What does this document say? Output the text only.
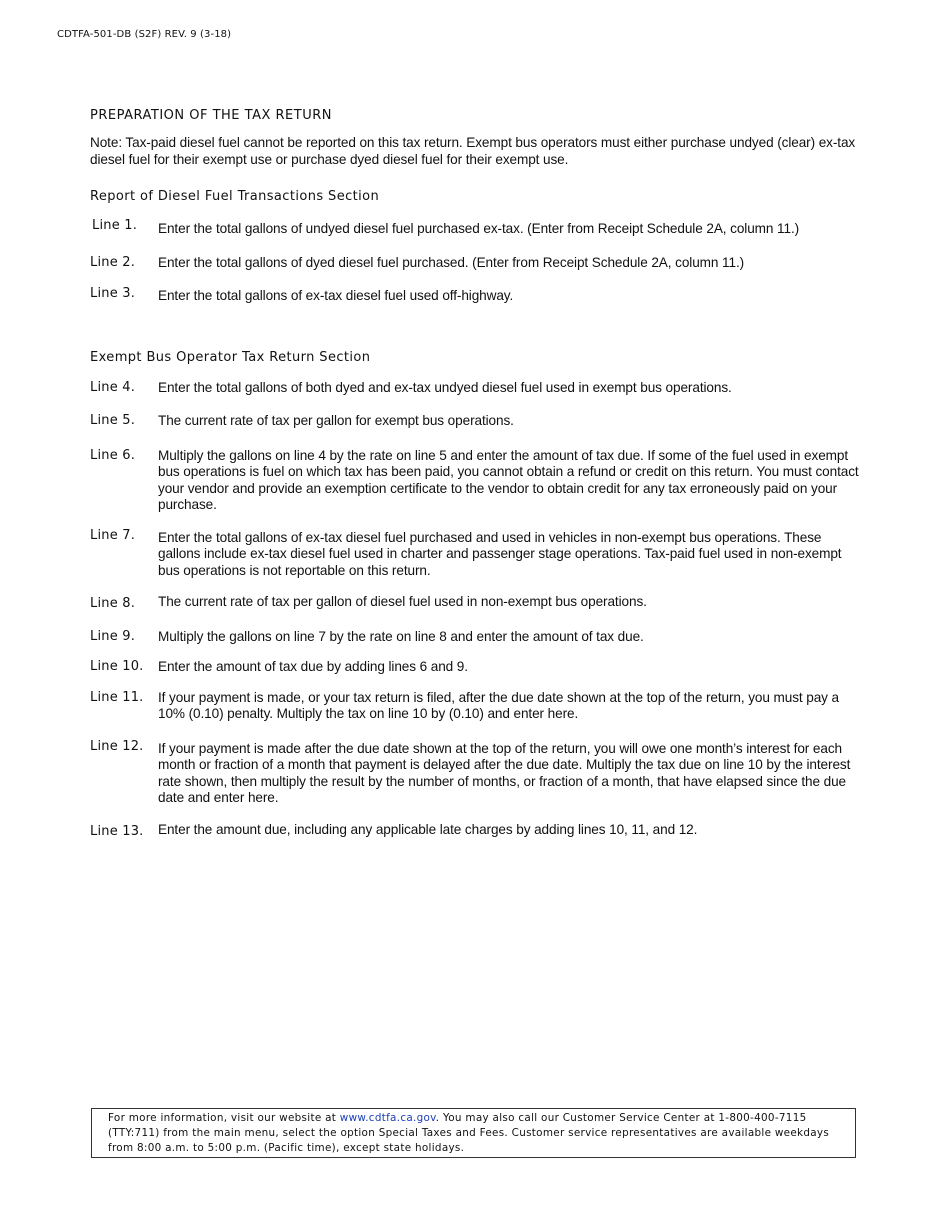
CDTFA-501-DB (S2F) REV. 9 (3-18)
PREPARATION OF THE TAX RETURN

Note: Tax-paid diesel fuel cannot be reported on this tax return. Exempt bus operators must either purchase undyed (clear) ex-tax diesel fuel for their exempt use or purchase dyed diesel fuel for their exempt use.

Report of Diesel Fuel Transactions Section
Line 1.	Enter the total gallons of undyed diesel fuel purchased ex-tax. (Enter from Receipt Schedule 2A, column 11.)
Line 2.	Enter the total gallons of dyed diesel fuel purchased. (Enter from Receipt Schedule 2A, column 11.)
Line 3.	Enter the total gallons of ex-tax diesel fuel used off-highway.
Exempt Bus Operator Tax Return Section
Line 4.	Enter the total gallons of both dyed and ex-tax undyed diesel fuel used in exempt bus operations.
Line 5.	The current rate of tax per gallon for exempt bus operations.
Line 6.	Multiply the gallons on line 4 by the rate on line 5 and enter the amount of tax due. If some of the fuel used in exempt bus operations is fuel on which tax has been paid, you cannot obtain a refund or credit on this return. You must contact your vendor and provide an exemption certificate to the vendor to obtain credit for any tax erroneously paid on your purchase.
Line 7.	Enter the total gallons of ex-tax diesel fuel purchased and used in vehicles in non-exempt bus operations. These gallons include ex-tax diesel fuel used in charter and passenger stage operations. Tax-paid fuel used in non-exempt bus operations is not reportable on this return.
Line 8.	The current rate of tax per gallon of diesel fuel used in non-exempt bus operations.
Line 9.	Multiply the gallons on line 7 by the rate on line 8 and enter the amount of tax due.
Line 10.	Enter the amount of tax due by adding lines 6 and 9.
Line 11.	If your payment is made, or your tax return is filed, after the due date shown at the top of the return, you must pay a 10% (0.10) penalty. Multiply the tax on line 10 by (0.10) and enter here.
Line 12.	If your payment is made after the due date shown at the top of the return, you will owe one month’s interest for each month or fraction of a month that payment is delayed after the due date. Multiply the tax due on line 10 by the interest rate shown, then multiply the result by the number of months, or fraction of a month, that have elapsed since the due date and enter here.
Line 13.	Enter the amount due, including any applicable late charges by adding lines 10, 11, and 12.
For more information, visit our website at www.cdtfa.ca.gov. You may also call our Customer Service Center at 1-800-400-7115
(TTY:711) from the main menu, select the option Special Taxes and Fees. Customer service representatives are available weekdays
from 8:00 a.m. to 5:00 p.m. (Pacific time), except state holidays.
